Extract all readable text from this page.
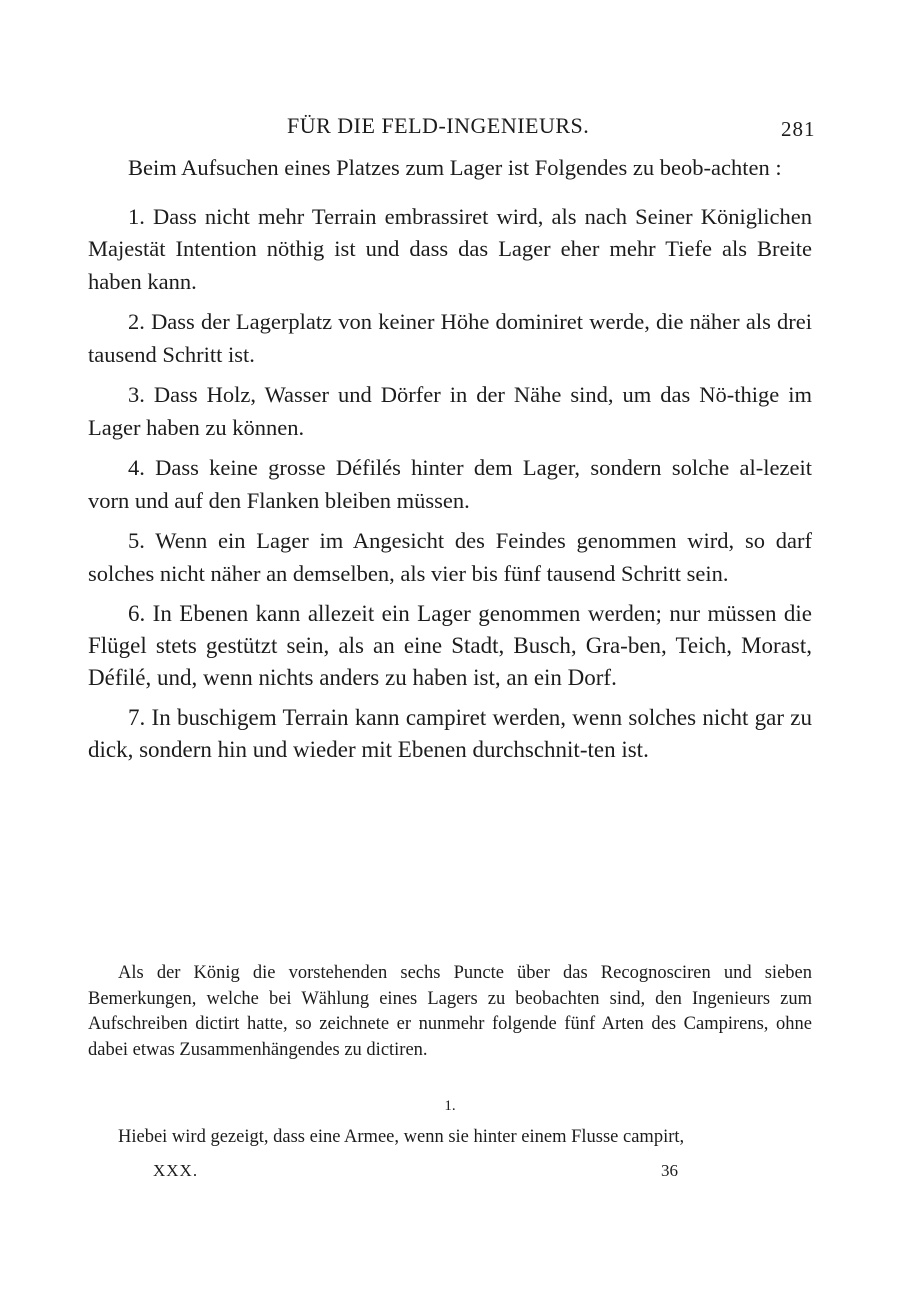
FÜR DIE FELD-INGENIEURS.	281

Beim Aufsuchen eines Platzes zum Lager ist Folgendes zu beob-achten :

1. Dass nicht mehr Terrain embrassiret wird, als nach Seiner Königlichen Majestät Intention nöthig ist und dass das Lager eher mehr Tiefe als Breite haben kann.

2. Dass der Lagerplatz von keiner Höhe dominiret werde, die näher als drei tausend Schritt ist.

3. Dass Holz, Wasser und Dörfer in der Nähe sind, um das Nö-thige im Lager haben zu können.

4. Dass keine grosse Défilés hinter dem Lager, sondern solche al-lezeit vorn und auf den Flanken bleiben müssen.

5. Wenn ein Lager im Angesicht des Feindes genommen wird, so darf solches nicht näher an demselben, als vier bis fünf tausend Schritt sein.

6. In Ebenen kann allezeit ein Lager genommen werden; nur müssen die Flügel stets gestützt sein, als an eine Stadt, Busch, Gra-ben, Teich, Morast, Défilé, und, wenn nichts anders zu haben ist, an ein Dorf.

7. In buschigem Terrain kann campiret werden, wenn solches nicht gar zu dick, sondern hin und wieder mit Ebenen durchschnit-ten ist.

Als der König die vorstehenden sechs Puncte über das Recognosciren und sieben Bemerkungen, welche bei Wählung eines Lagers zu beobachten sind, den Ingenieurs zum Aufschreiben dictirt hatte, so zeichnete er nunmehr folgende fünf Arten des Campirens, ohne dabei etwas Zusammenhängendes zu dictiren.

1.

Hiebei wird gezeigt, dass eine Armee, wenn sie hinter einem Flusse campirt,

XXX.	36
